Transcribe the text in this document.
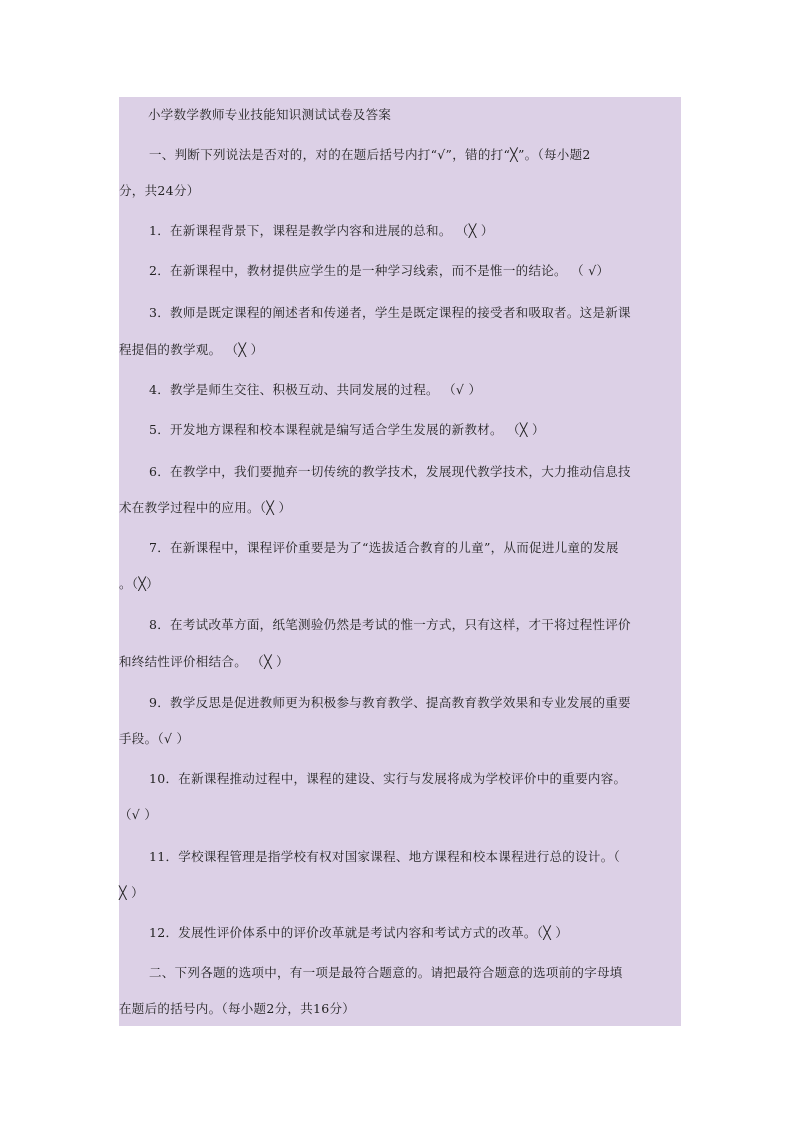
小学数学教师专业技能知识测试试卷及答案
一、判断下列说法是否对的，对的在题后括号内打“√”，错的打“╳”。（每小题2
分，共24分）
1．在新课程背景下，课程是教学内容和进展的总和。 （╳ ）
2．在新课程中，教材提供应学生的是一种学习线索，而不是惟一的结论。 （ √）
3．教师是既定课程的阐述者和传递者，学生是既定课程的接受者和吸取者。这是新课
程提倡的教学观。 （╳ ）
4．教学是师生交往、积极互动、共同发展的过程。 （√ ）
5．开发地方课程和校本课程就是编写适合学生发展的新教材。 （╳ ）
6．在教学中，我们要抛弃一切传统的教学技术，发展现代教学技术，大力推动信息技
术在教学过程中的应用。（╳ ）
7．在新课程中，课程评价重要是为了“选拔适合教育的儿童”，从而促进儿童的发展
。（╳）
8．在考试改革方面，纸笔测验仍然是考试的惟一方式，只有这样，才干将过程性评价
和终结性评价相结合。 （╳ ）
9．教学反思是促进教师更为积极参与教育教学、提高教育教学效果和专业发展的重要
手段。（√ ）
10．在新课程推动过程中，课程的建设、实行与发展将成为学校评价中的重要内容。
（√ ）
11．学校课程管理是指学校有权对国家课程、地方课程和校本课程进行总的设计。（
╳ ）
12．发展性评价体系中的评价改革就是考试内容和考试方式的改革。（╳ ）
二、下列各题的选项中，有一项是最符合题意的。请把最符合题意的选项前的字母填
在题后的括号内。（每小题2分，共16分）
